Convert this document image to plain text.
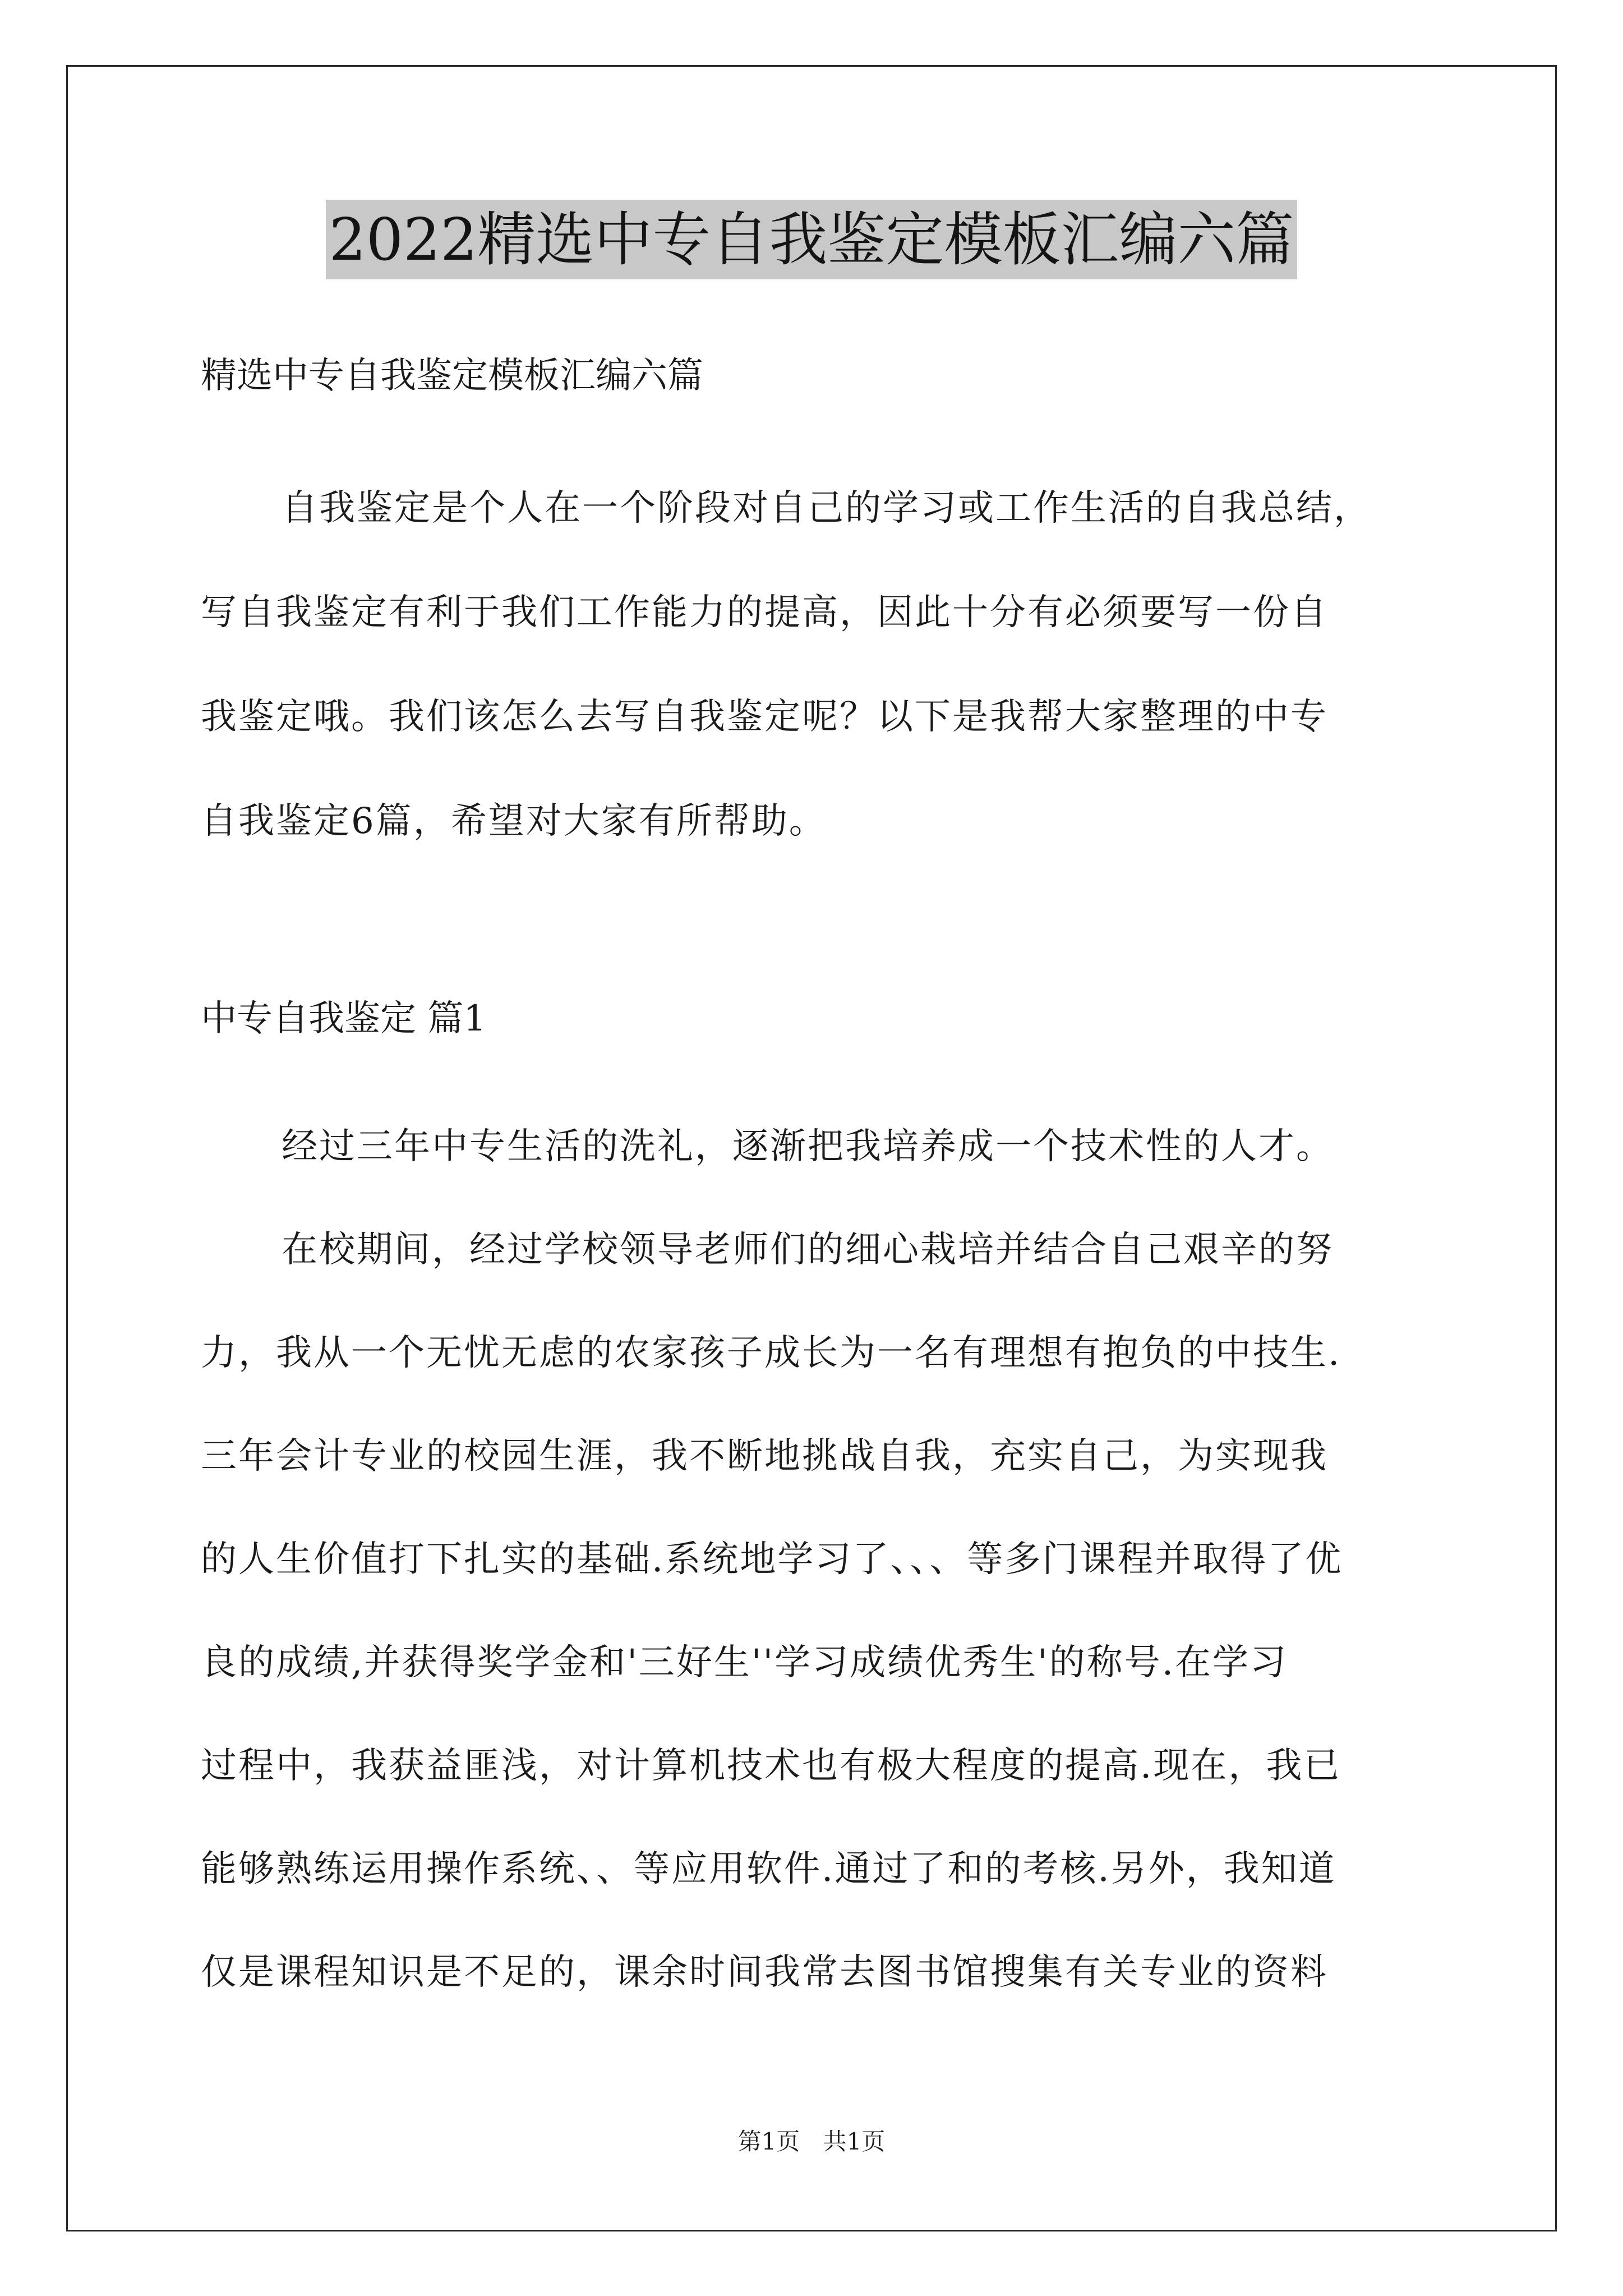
2022精选中专自我鉴定模板汇编六篇
精选中专自我鉴定模板汇编六篇
自我鉴定是个人在一个阶段对自己的学习或工作生活的自我总结，
写自我鉴定有利于我们工作能力的提高，因此十分有必须要写一份自
我鉴定哦。我们该怎么去写自我鉴定呢？以下是我帮大家整理的中专
自我鉴定6篇，希望对大家有所帮助。
中专自我鉴定 篇1
经过三年中专生活的洗礼，逐渐把我培养成一个技术性的人才。
在校期间，经过学校领导老师们的细心栽培并结合自己艰辛的努
力，我从一个无忧无虑的农家孩子成长为一名有理想有抱负的中技生.
三年会计专业的校园生涯，我不断地挑战自我，充实自己，为实现我
的人生价值打下扎实的基础.系统地学习了、、、等多门课程并取得了优
良的成绩,并获得奖学金和'三好生''学习成绩优秀生'的称号.在学习
过程中，我获益匪浅，对计算机技术也有极大程度的提高.现在，我已
能够熟练运用操作系统、、等应用软件.通过了和的考核.另外，我知道
仅是课程知识是不足的，课余时间我常去图书馆搜集有关专业的资料
第1页 共1页
